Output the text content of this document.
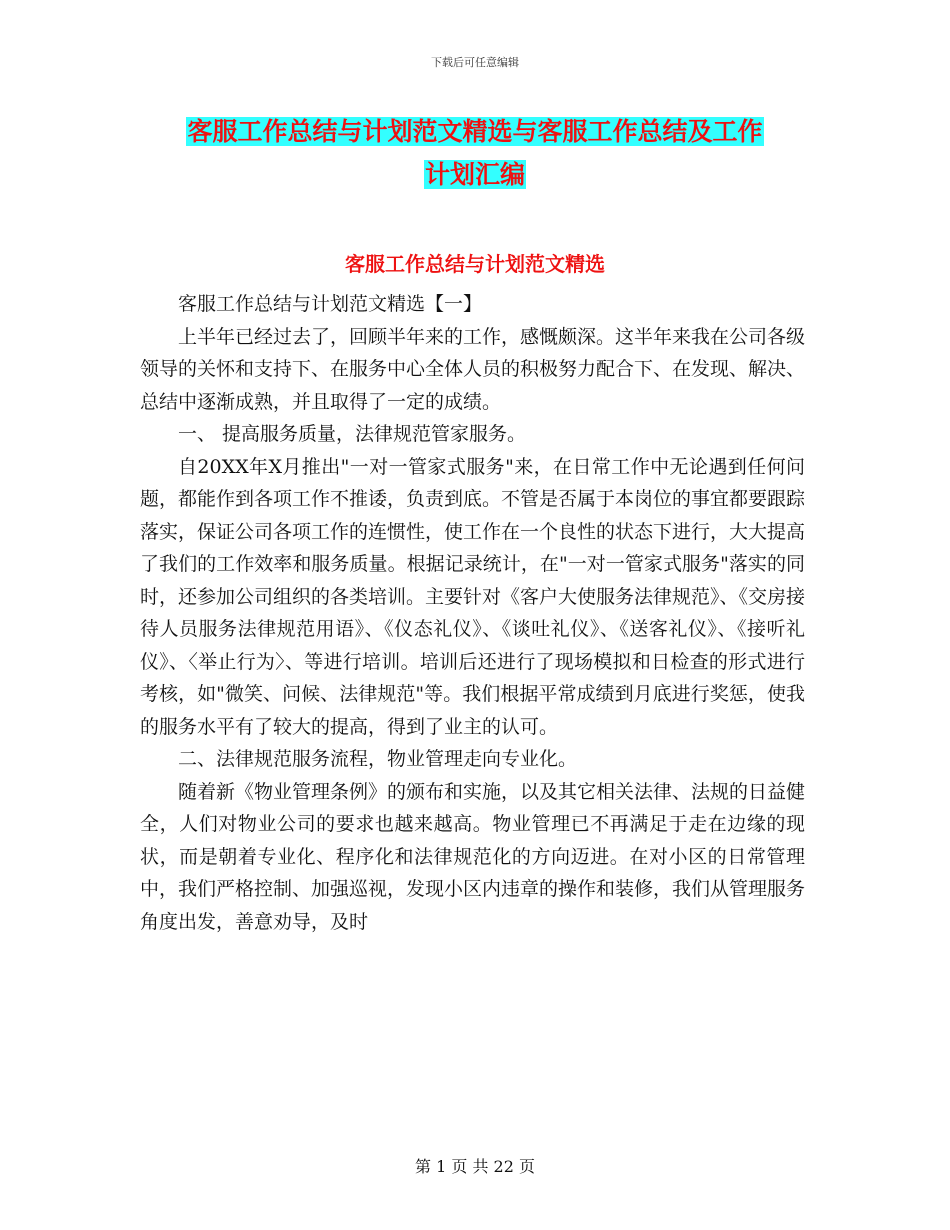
下载后可任意编辑
客服工作总结与计划范文精选与客服工作总结及工作
计划汇编
客服工作总结与计划范文精选

客服工作总结与计划范文精选【一】

上半年已经过去了，回顾半年来的工作，感慨颇深。这半年来我在公司各级领导的关怀和支持下、在服务中心全体人员的积极努力配合下、在发现、解决、总结中逐渐成熟，并且取得了一定的成绩。

一、 提高服务质量，法律规范管家服务。

自20XX年X月推出"一对一管家式服务"来，在日常工作中无论遇到任何问题，都能作到各项工作不推诿，负责到底。不管是否属于本岗位的事宜都要跟踪落实，保证公司各项工作的连惯性，使工作在一个良性的状态下进行，大大提高了我们的工作效率和服务质量。根据记录统计，在"一对一管家式服务"落实的同时，还参加公司组织的各类培训。主要针对《客户大使服务法律规范》、《交房接待人员服务法律规范用语》、《仪态礼仪》、《谈吐礼仪》、《送客礼仪》、《接听礼仪》、〈举止行为〉、等进行培训。培训后还进行了现场模拟和日检查的形式进行考核，如"微笑、问候、法律规范"等。我们根据平常成绩到月底进行奖惩，使我的服务水平有了较大的提高，得到了业主的认可。

二、法律规范服务流程，物业管理走向专业化。

随着新《物业管理条例》的颁布和实施，以及其它相关法律、法规的日益健全，人们对物业公司的要求也越来越高。物业管理已不再满足于走在边缘的现状，而是朝着专业化、程序化和法律规范化的方向迈进。在对小区的日常管理中，我们严格控制、加强巡视，发现小区内违章的操作和装修，我们从管理服务角度出发，善意劝导，及时

第 1 页 共 22 页
